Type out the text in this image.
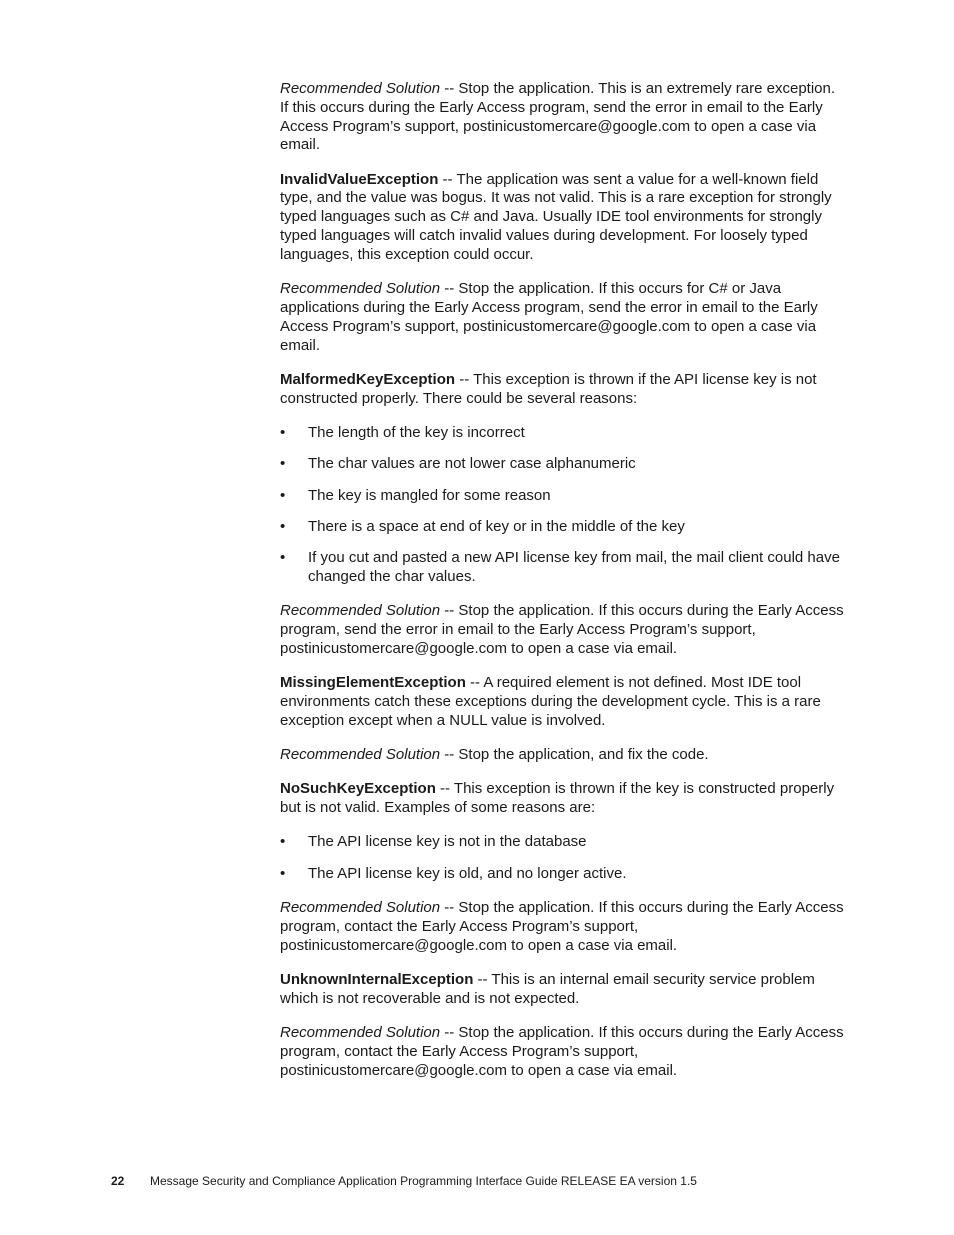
Recommended Solution -- Stop the application. This is an extremely rare exception. If this occurs during the Early Access program, send the error in email to the Early Access Program’s support, postinicustomercare@google.com to open a case via email.

InvalidValueException -- The application was sent a value for a well-known field type, and the value was bogus. It was not valid. This is a rare exception for strongly typed languages such as C# and Java. Usually IDE tool environments for strongly typed languages will catch invalid values during development. For loosely typed languages, this exception could occur.

Recommended Solution -- Stop the application. If this occurs for C# or Java applications during the Early Access program, send the error in email to the Early Access Program’s support, postinicustomercare@google.com to open a case via email.

MalformedKeyException -- This exception is thrown if the API license key is not constructed properly. There could be several reasons:

• The length of the key is incorrect
• The char values are not lower case alphanumeric
• The key is mangled for some reason
• There is a space at end of key or in the middle of the key
• If you cut and pasted a new API license key from mail, the mail client could have changed the char values.

Recommended Solution -- Stop the application. If this occurs during the Early Access program, send the error in email to the Early Access Program’s support, postinicustomercare@google.com to open a case via email.

MissingElementException -- A required element is not defined. Most IDE tool environments catch these exceptions during the development cycle. This is a rare exception except when a NULL value is involved.

Recommended Solution -- Stop the application, and fix the code.

NoSuchKeyException -- This exception is thrown if the key is constructed properly but is not valid. Examples of some reasons are:

• The API license key is not in the database
• The API license key is old, and no longer active.

Recommended Solution -- Stop the application. If this occurs during the Early Access program, contact the Early Access Program’s support, postinicustomercare@google.com to open a case via email.

UnknownInternalException -- This is an internal email security service problem which is not recoverable and is not expected.

Recommended Solution -- Stop the application. If this occurs during the Early Access program, contact the Early Access Program’s support, postinicustomercare@google.com to open a case via email.

22 Message Security and Compliance Application Programming Interface Guide RELEASE EA version 1.5
